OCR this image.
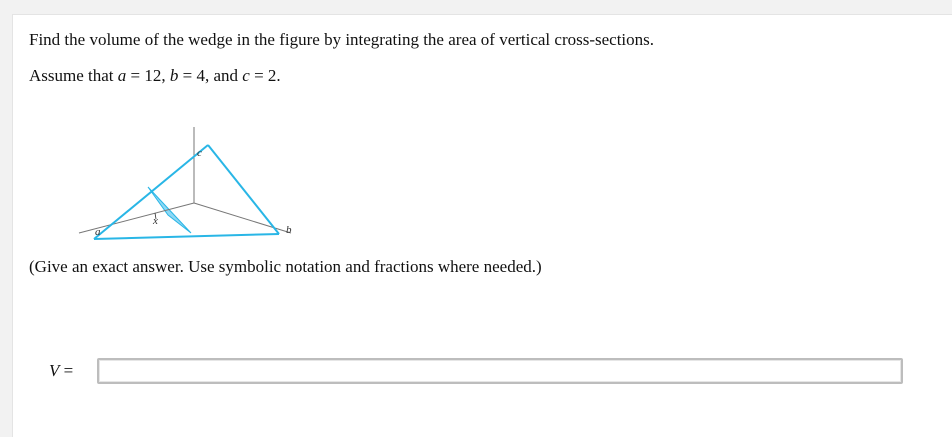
Find the volume of the wedge in the figure by integrating the area of vertical cross-sections.
Assume that a = 12, b = 4, and c = 2.
a	b
c
x
(Give an exact answer. Use symbolic notation and fractions where needed.)
V =
